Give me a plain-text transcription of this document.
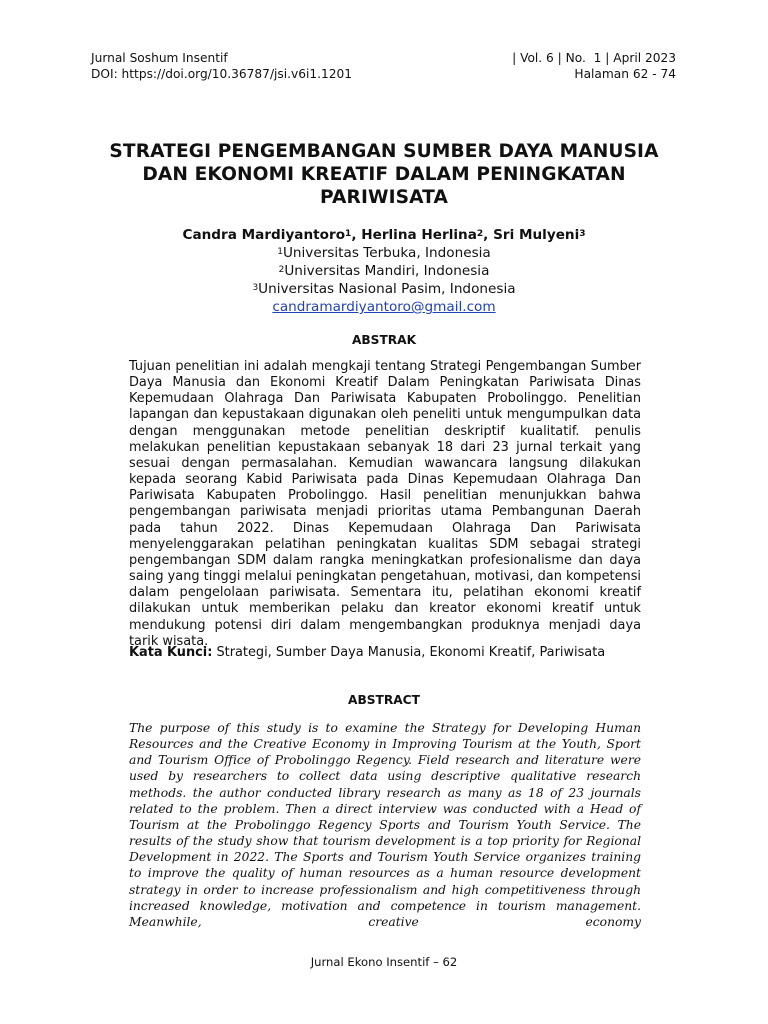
Jurnal Soshum Insentif
DOI: https://doi.org/10.36787/jsi.v6i1.1201
| Vol. 6 | No.  1 | April 2023
Halaman 62 - 74
STRATEGI PENGEMBANGAN SUMBER DAYA MANUSIA
DAN EKONOMI KREATIF DALAM PENINGKATAN
PARIWISATA
Candra Mardiyantoro$^1$, Herlina Herlina$^2$, Sri Mulyeni$^3$
$^1$Universitas Terbuka, Indonesia
$^2$Universitas Mandiri, Indonesia
$^3$Universitas Nasional Pasim, Indonesia
candramardiyantoro@gmail.com
ABSTRAK
Tujuan penelitian ini adalah mengkaji tentang Strategi Pengembangan Sumber Daya Manusia dan Ekonomi Kreatif Dalam Peningkatan Pariwisata Dinas Kepemudaan Olahraga Dan Pariwisata Kabupaten Probolinggo. Penelitian lapangan dan kepustakaan digunakan oleh peneliti untuk mengumpulkan data dengan menggunakan metode penelitian deskriptif kualitatif. penulis melakukan penelitian kepustakaan sebanyak 18 dari 23 jurnal terkait yang sesuai dengan permasalahan. Kemudian wawancara langsung dilakukan kepada seorang Kabid Pariwisata pada Dinas Kepemudaan Olahraga Dan Pariwisata Kabupaten Probolinggo. Hasil penelitian menunjukkan bahwa pengembangan pariwisata menjadi prioritas utama Pembangunan Daerah pada tahun 2022. Dinas Kepemudaan Olahraga Dan Pariwisata menyelenggarakan pelatihan peningkatan kualitas SDM sebagai strategi pengembangan SDM dalam rangka meningkatkan profesionalisme dan daya saing yang tinggi melalui peningkatan pengetahuan, motivasi, dan kompetensi dalam pengelolaan pariwisata. Sementara itu, pelatihan ekonomi kreatif dilakukan untuk memberikan pelaku dan kreator ekonomi kreatif untuk mendukung potensi diri dalam mengembangkan produknya menjadi daya tarik wisata.
Kata Kunci: Strategi, Sumber Daya Manusia, Ekonomi Kreatif, Pariwisata
ABSTRACT
The purpose of this study is to examine the Strategy for Developing Human Resources and the Creative Economy in Improving Tourism at the Youth, Sport and Tourism Office of Probolinggo Regency. Field research and literature were used by researchers to collect data using descriptive qualitative research methods. the author conducted library research as many as 18 of 23 journals related to the problem. Then a direct interview was conducted with a Head of Tourism at the Probolinggo Regency Sports and Tourism Youth Service. The results of the study show that tourism development is a top priority for Regional Development in 2022. The Sports and Tourism Youth Service organizes training to improve the quality of human resources as a human resource development strategy in order to increase professionalism and high competitiveness through increased knowledge, motivation and competence in tourism management. Meanwhile, creative economy
Jurnal Ekono Insentif – 62
